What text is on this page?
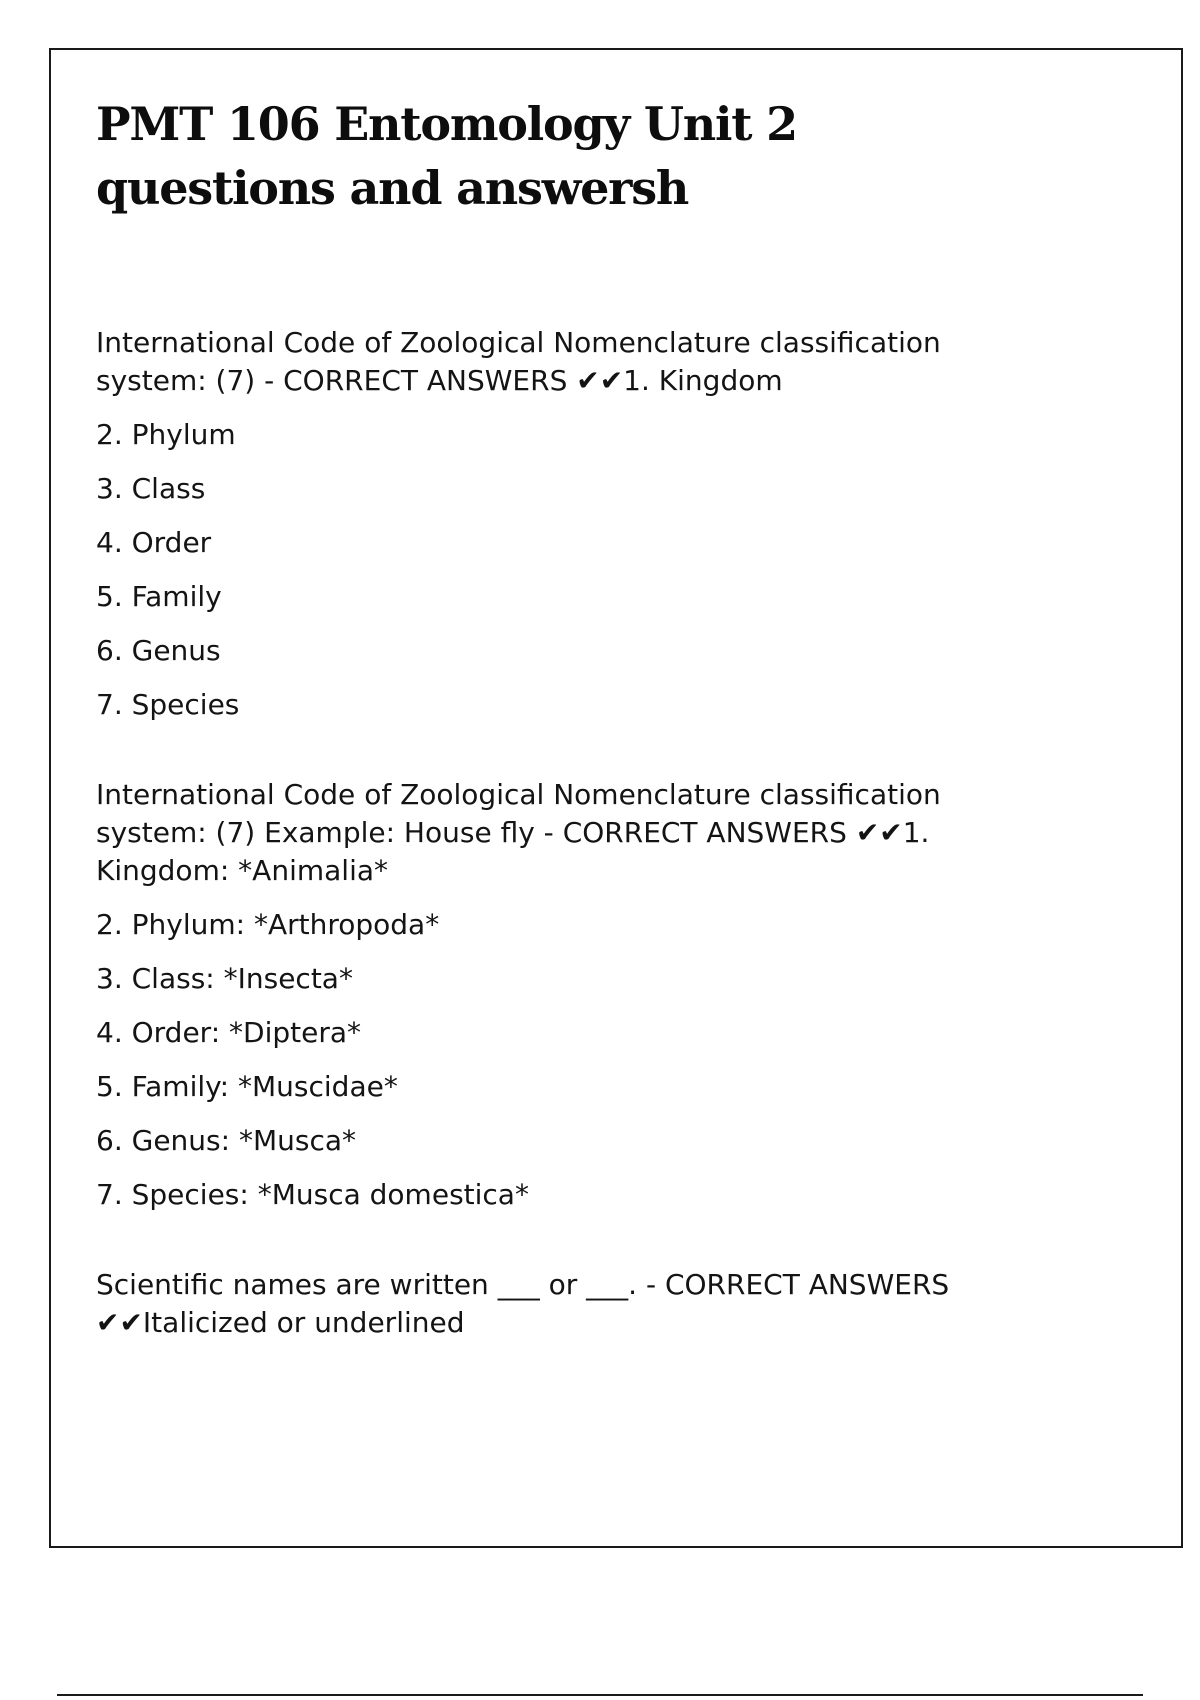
PMT 106 Entomology Unit 2 questions and answersh

International Code of Zoological Nomenclature classification system: (7) - CORRECT ANSWERS ✔✔1. Kingdom

2. Phylum

3. Class

4. Order

5. Family

6. Genus

7. Species

International Code of Zoological Nomenclature classification system: (7) Example: House fly - CORRECT ANSWERS ✔✔1. Kingdom: *Animalia*

2. Phylum: *Arthropoda*

3. Class: *Insecta*

4. Order: *Diptera*

5. Family: *Muscidae*

6. Genus: *Musca*

7. Species: *Musca domestica*

Scientific names are written ___ or ___. - CORRECT ANSWERS ✔✔Italicized or underlined
